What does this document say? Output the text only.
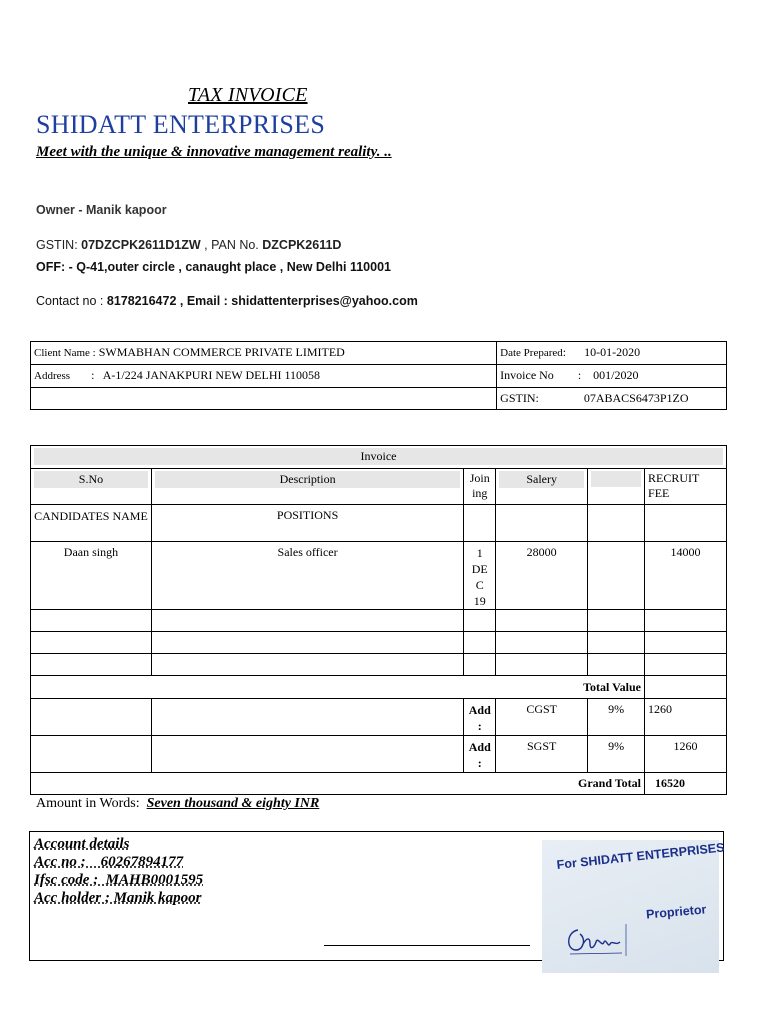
TAX INVOICE
SHIDATT ENTERPRISES
Meet with the unique & innovative management reality. ..
Owner - Manik kapoor
GSTIN: 07DZCPK2611D1ZW , PAN No. DZCPK2611D
OFF: - Q-41,outer circle , canaught place , New Delhi 110001
Contact no : 8178216472 , Email : shidattenterprises@yahoo.com
Client Name : SWMABHAN COMMERCE PRIVATE LIMITED	Date Prepared:      10-01-2020
Address :   A-1/224 JANAKPURI NEW DELHI 110058	Invoice No :    001/2020
	GSTIN: 07ABACS6473P1ZO
Invoice					

S.No	Description	Join ing	Salery		RECRUIT FEE
CANDIDATES NAME	POSITIONS				
Daan singh	Sales officer	1 DE C 19	28000		14000

Total Value					
		Add :	CGST	9%	1260
		Add :	SGST	9%	1260
Grand Total					16520
Amount in Words: Seven thousand & eighty INR
Account details
Acc no ;    60267894177
Ifsc code ;  MAHB0001595
Acc holder ; Manik kapoor
For SHIDATT ENTERPRISES
Proprietor
